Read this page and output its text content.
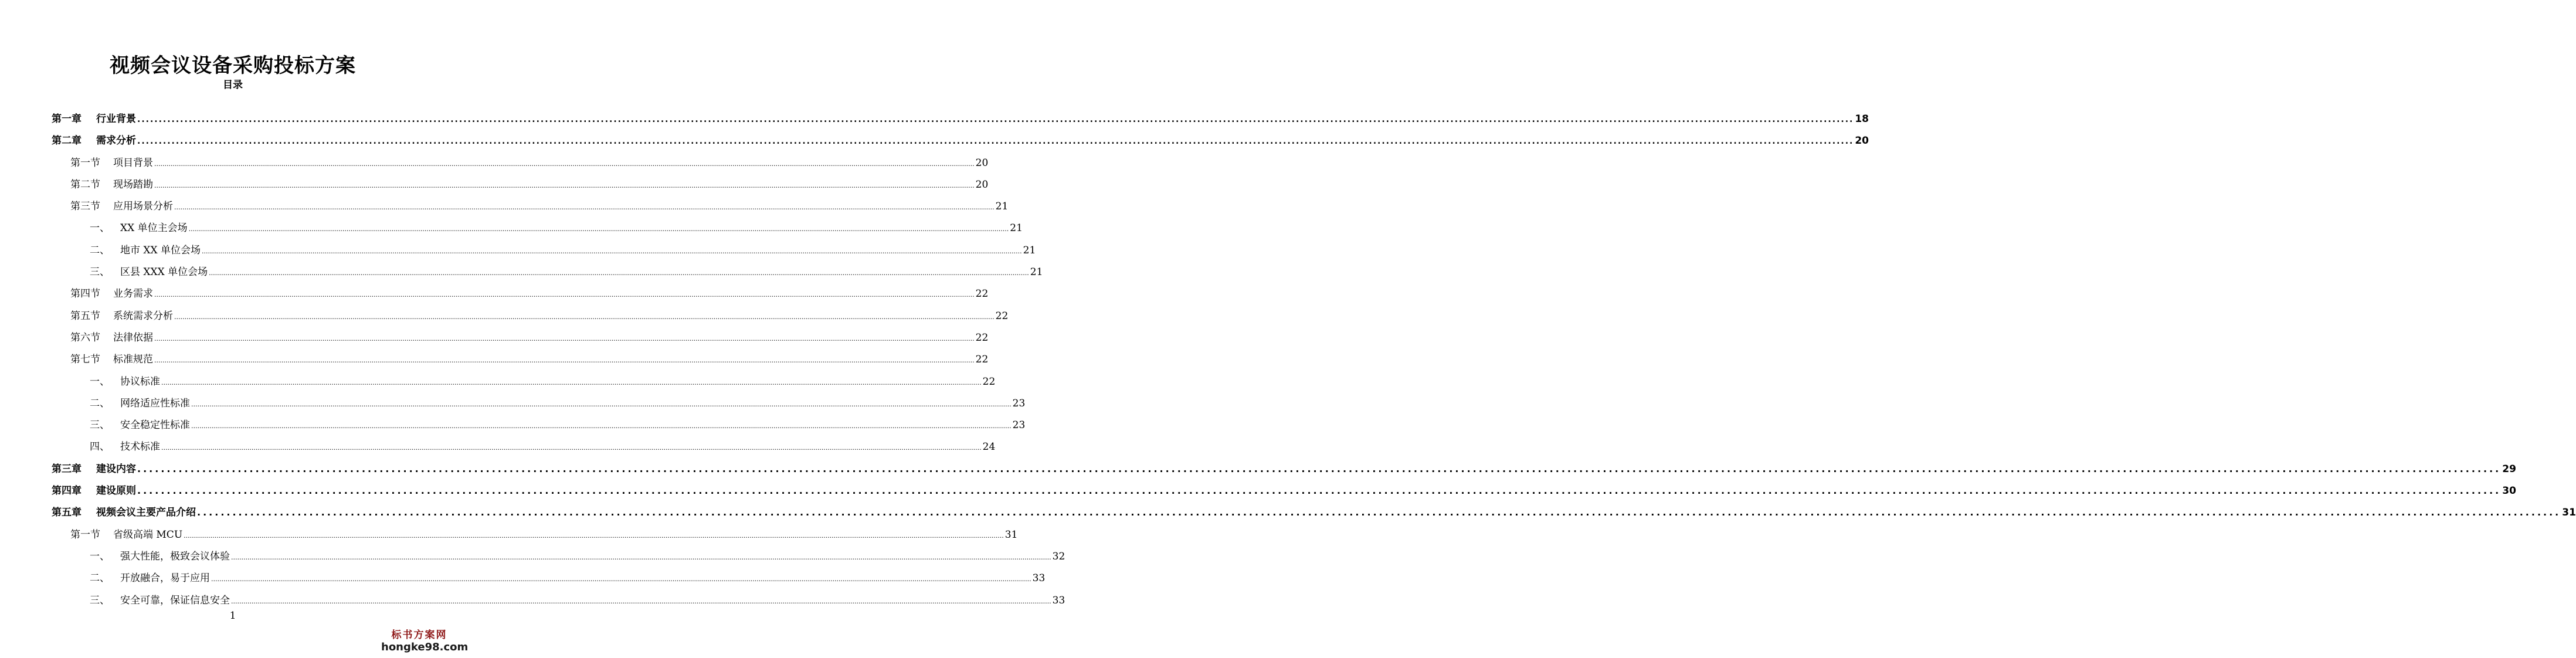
视频会议设备采购投标方案
目录
第一章 行业背景 ................................................................................................................................................................................................................................................................................................................................................................................................................ 18
第二章 需求分析 ................................................................................................................................................................................................................................................................................................................................................................................................................ 20
第一节 项目背景 ................................................................................................................................................................................................................................................................................................................................................................................................................ 20
第二节 现场踏勘 ................................................................................................................................................................................................................................................................................................................................................................................................................ 20
第三节 应用场景分析 ................................................................................................................................................................................................................................................................................................................................................................................................................ 21
一、 XX 单位主会场 ................................................................................................................................................................................................................................................................................................................................................................................................................ 21
二、 地市 XX 单位会场 ................................................................................................................................................................................................................................................................................................................................................................................................................ 21
三、 区县 XXX 单位会场 ................................................................................................................................................................................................................................................................................................................................................................................................................ 21
第四节 业务需求 ................................................................................................................................................................................................................................................................................................................................................................................................................ 22
第五节 系统需求分析 ................................................................................................................................................................................................................................................................................................................................................................................................................ 22
第六节 法律依据 ................................................................................................................................................................................................................................................................................................................................................................................................................ 22
第七节 标准规范 ................................................................................................................................................................................................................................................................................................................................................................................................................ 22
一、 协议标准 ................................................................................................................................................................................................................................................................................................................................................................................................................ 22
二、 网络适应性标准 ................................................................................................................................................................................................................................................................................................................................................................................................................ 23
三、 安全稳定性标准 ................................................................................................................................................................................................................................................................................................................................................................................................................ 23
四、 技术标准 ................................................................................................................................................................................................................................................................................................................................................................................................................ 24
第三章 建设内容 ................................................................................................................................................................................................................................................................................................................................................................................................................ 29
第四章 建设原则 ................................................................................................................................................................................................................................................................................................................................................................................................................ 30
第五章 视频会议主要产品介绍 ................................................................................................................................................................................................................................................................................................................................................................................................................ 31
第一节 省级高端 MCU ................................................................................................................................................................................................................................................................................................................................................................................................................ 31
一、 强大性能，极致会议体验 ................................................................................................................................................................................................................................................................................................................................................................................................................ 32
二、 开放融合，易于应用 ................................................................................................................................................................................................................................................................................................................................................................................................................ 33
三、 安全可靠，保证信息安全 ................................................................................................................................................................................................................................................................................................................................................................................................................ 33
1
标书方案网
hongke98.com
